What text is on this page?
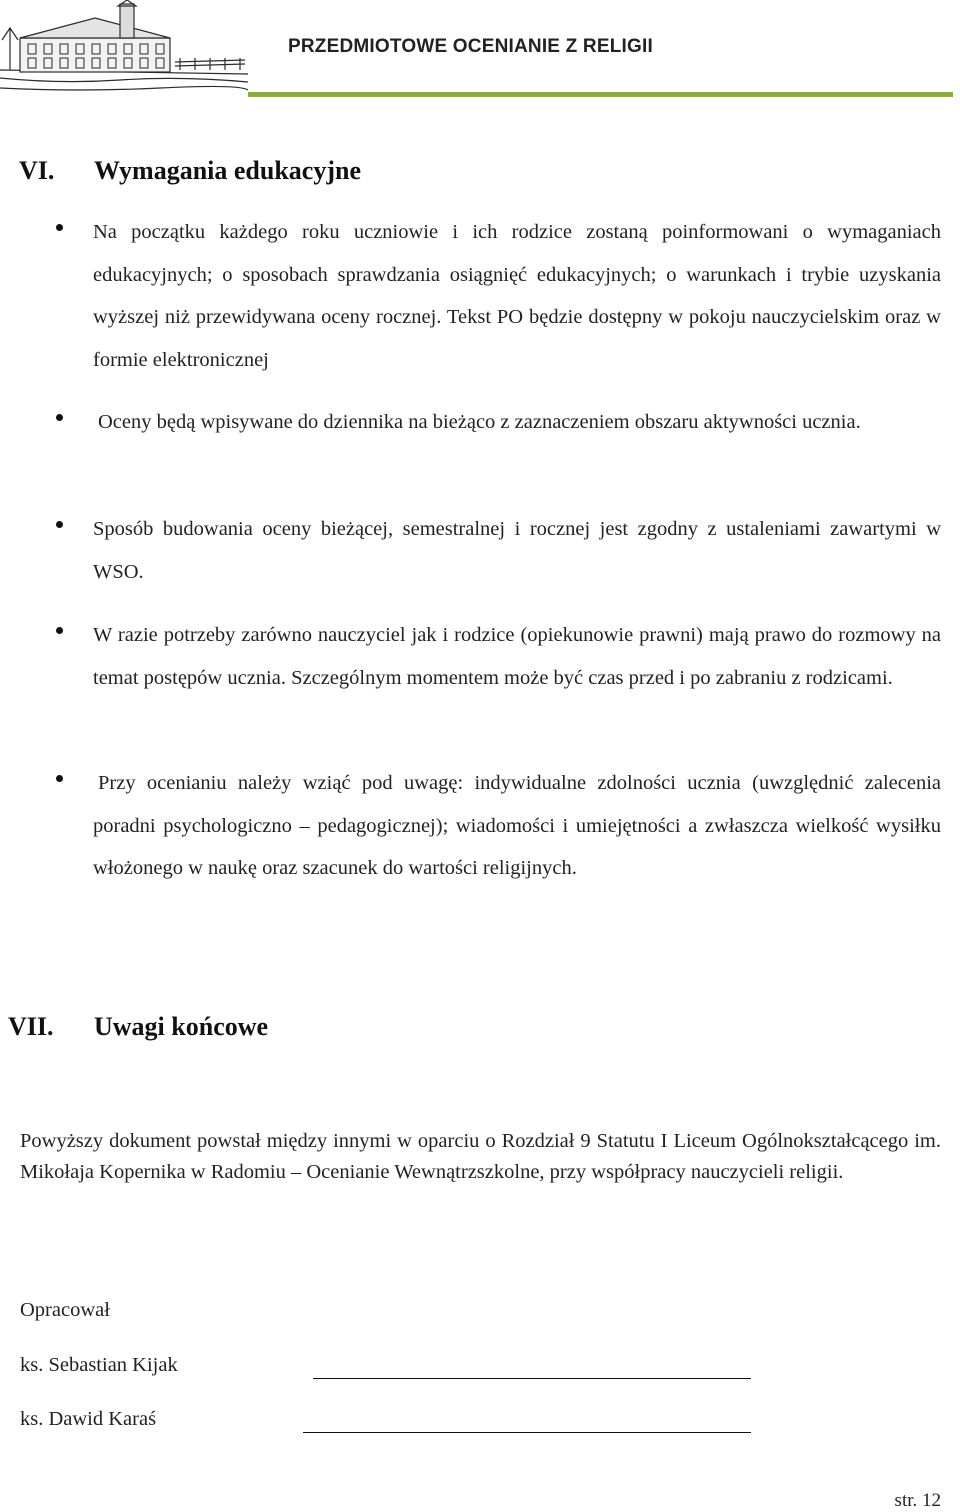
PRZEDMIOTOWE OCENIANIE Z RELIGII
VI. Wymagania edukacyjne
Na początku każdego roku uczniowie i ich rodzice zostaną poinformowani o wymaganiach edukacyjnych; o sposobach sprawdzania osiągnięć edukacyjnych; o warunkach i trybie uzyskania wyższej niż przewidywana oceny rocznej. Tekst PO będzie dostępny w pokoju nauczycielskim oraz w formie elektronicznej
Oceny będą wpisywane do dziennika na bieżąco z zaznaczeniem obszaru aktywności ucznia.
Sposób budowania oceny bieżącej, semestralnej i rocznej jest zgodny z ustaleniami zawartymi w WSO.
W razie potrzeby zarówno nauczyciel jak i rodzice (opiekunowie prawni) mają prawo do rozmowy na temat postępów ucznia. Szczególnym momentem może być czas przed i po zabraniu z rodzicami.
Przy ocenianiu należy wziąć pod uwagę: indywidualne zdolności ucznia (uwzględnić zalecenia poradni psychologiczno – pedagogicznej); wiadomości i umiejętności a zwłaszcza wielkość wysiłku włożonego w naukę oraz szacunek do wartości religijnych.
VII. Uwagi końcowe
Powyższy dokument powstał między innymi w oparciu o Rozdział 9 Statutu I Liceum Ogólnokształcącego im. Mikołaja Kopernika w Radomiu – Ocenianie Wewnątrzszkolne, przy współpracy nauczycieli religii.
Opracował
ks. Sebastian Kijak
ks. Dawid Karaś
str. 12
